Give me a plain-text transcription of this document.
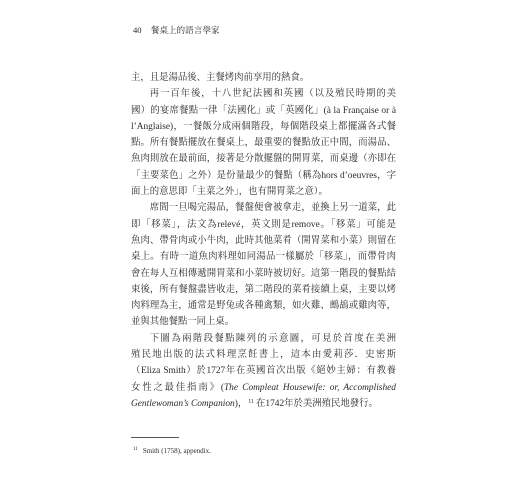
40 餐桌上的語言學家
主，且是湯品後、主餐烤肉前享用的熱食。
再一百年後，十八世紀法國和英國（以及殖民時期的美
國）的宴席餐點一律「法國化」或「英國化」(à la Française or à
l’Anglaise)，一餐飯分成兩個階段，每個階段桌上都擺滿各式餐
點。所有餐點擺放在餐桌上，最重要的餐點放正中間，而湯品、
魚肉則放在最前面，接著是分散擺盤的開胃菜，而桌邊（亦即在
「主要菜色」之外）是份量最少的餐點（稱為hors d’oeuvres，字
面上的意思即「主菜之外」，也有開胃菜之意）。
席間一旦喝完湯品，餐盤便會被拿走，並換上另一道菜，此
即「移菜」，法文為relevé，英文則是remove。「移菜」可能是
魚肉、帶骨肉或小牛肉，此時其他菜肴（開胃菜和小菜）則留在
桌上。有時一道魚肉料理如同湯品一樣屬於「移菜」，而帶骨肉
會在每人互相傳遞開胃菜和小菜時被切好。這第一階段的餐點結
束後，所有餐盤盡皆收走，第二階段的菜肴接續上桌，主要以烤
肉料理為主，通常是野兔或各種禽類，如火雞、鷓鴣或雞肉等，
並與其他餐點一同上桌。
下圖為兩階段餐點陳列的示意圖，可見於首度在美洲
殖民地出版的法式料理烹飪書上，這本由愛莉莎．史密斯
（Eliza Smith）於1727年在英國首次出版《絕妙主婦：有教養
女性之最佳指南》(The Compleat Housewife: or, Accomplished
Gentlewoman’s Companion)，$^{11}$ 在1742年於美洲殖民地發行。
$^{11}$ Smith (1758), appendix.
